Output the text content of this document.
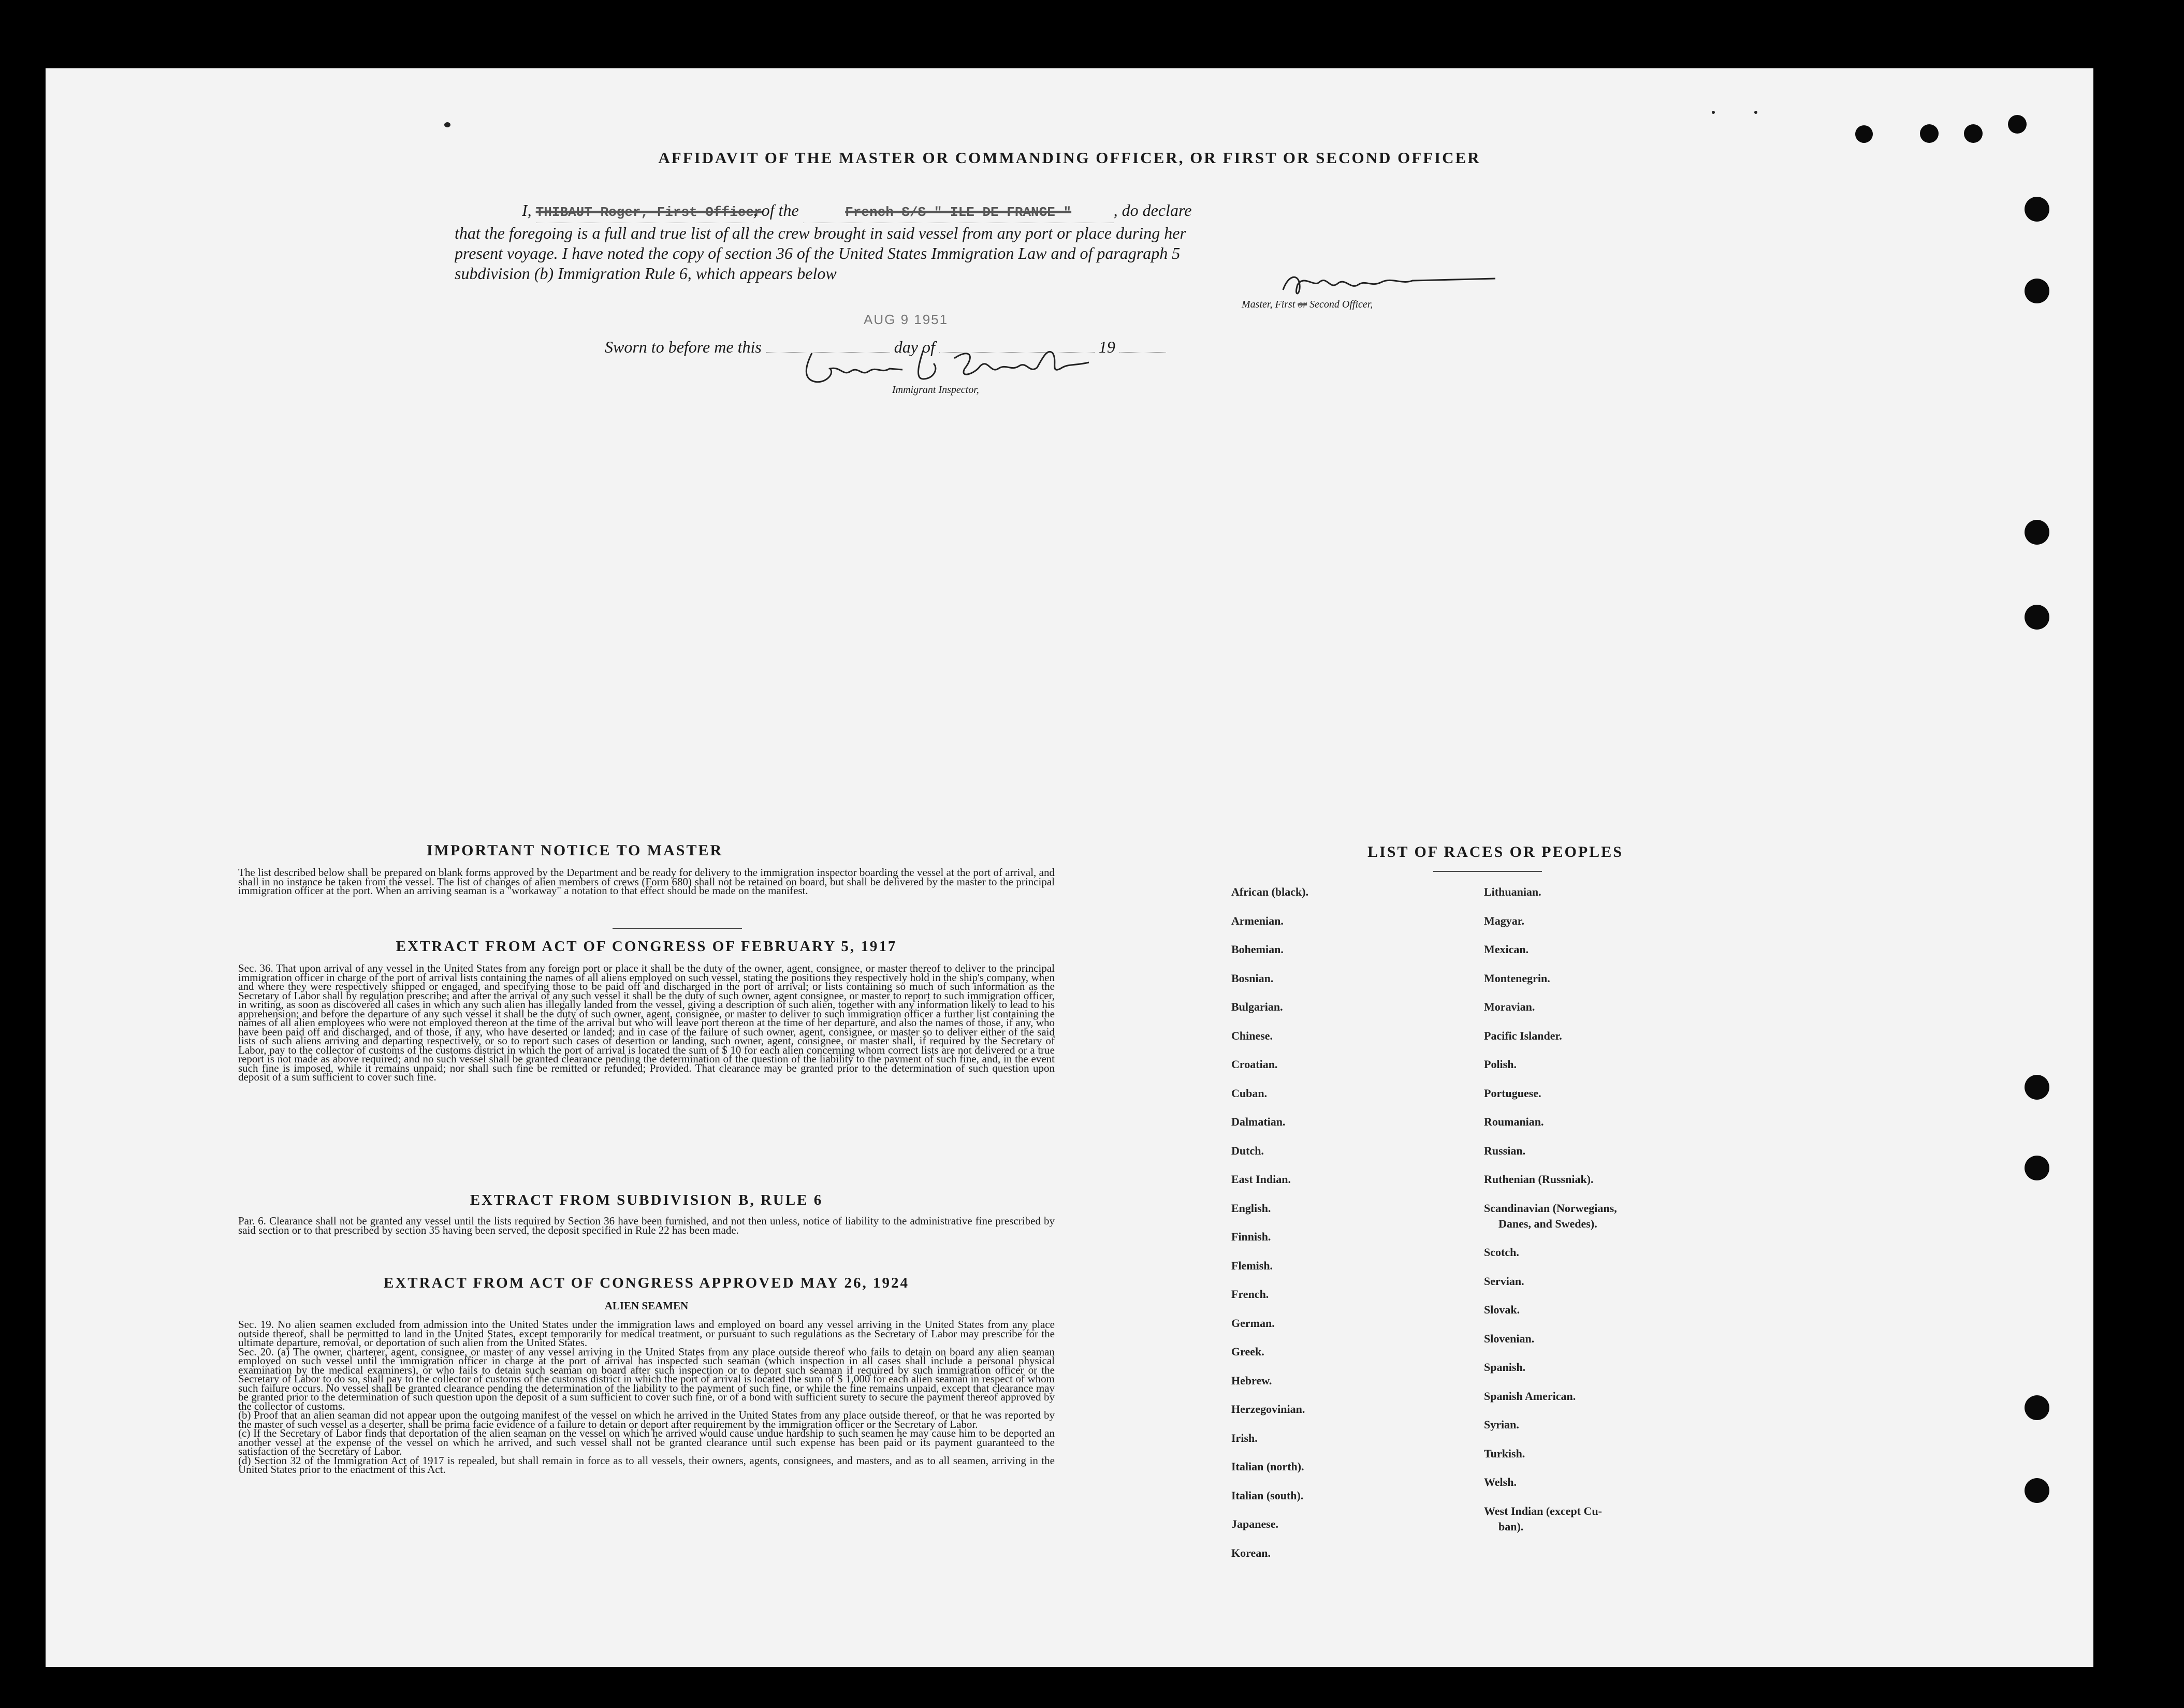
AFFIDAVIT OF THE MASTER OR COMMANDING OFFICER, OR FIRST OR SECOND OFFICER
I, THIBAUT Roger, First Officer, of the	French S/S " ILE DE FRANCE "	, do declare
that the foregoing is a full and true list of all the crew brought in said vessel from any port or place during her
present voyage. I have noted the copy of section 36 of the United States Immigration Law and of paragraph 5
subdivision (b) Immigration Rule 6, which appears below
Master, First or Second Officer,
AUG 9 1951
Sworn to before me this	day of	19
Immigrant Inspector,
IMPORTANT NOTICE TO MASTER
The list described below shall be prepared on blank forms approved by the Department and be ready for delivery to the immigration inspector boarding the vessel at the port of arrival, and shall in no instance be taken from the vessel. The list of changes of alien members of crews (Form 680) shall not be retained on board, but shall be delivered by the master to the principal immigration officer at the port. When an arriving seaman is a "workaway" a notation to that effect should be made on the manifest.
EXTRACT FROM ACT OF CONGRESS OF FEBRUARY 5, 1917
Sec. 36. That upon arrival of any vessel in the United States from any foreign port or place it shall be the duty of the owner, agent, consignee, or master thereof to deliver to the principal immigration officer in charge of the port of arrival lists containing the names of all aliens employed on such vessel, stating the positions they respectively hold in the ship's company, when and where they were respectively shipped or engaged, and specifying those to be paid off and discharged in the port of arrival; or lists containing so much of such information as the Secretary of Labor shall by regulation prescribe; and after the arrival of any such vessel it shall be the duty of such owner, agent consignee, or master to report to such immigration officer, in writing, as soon as discovered all cases in which any such alien has illegally landed from the vessel, giving a description of such alien, together with any information likely to lead to his apprehension; and before the departure of any such vessel it shall be the duty of such owner, agent, consignee, or master to deliver to such immigration officer a further list containing the names of all alien employees who were not employed thereon at the time of the arrival but who will leave port thereon at the time of her departure, and also the names of those, if any, who have been paid off and discharged, and of those, if any, who have deserted or landed; and in case of the failure of such owner, agent, consignee, or master so to deliver either of the said lists of such aliens arriving and departing respectively, or so to report such cases of desertion or landing, such owner, agent, consignee, or master shall, if required by the Secretary of Labor, pay to the collector of customs of the customs district in which the port of arrival is located the sum of $ 10 for each alien concerning whom correct lists are not delivered or a true report is not made as above required; and no such vessel shall be granted clearance pending the determination of the question of the liability to the payment of such fine, and, in the event such fine is imposed, while it remains unpaid; nor shall such fine be remitted or refunded; Provided. That clearance may be granted prior to the determination of such question upon deposit of a sum sufficient to cover such fine.
EXTRACT FROM SUBDIVISION B, RULE 6
Par. 6. Clearance shall not be granted any vessel until the lists required by Section 36 have been furnished, and not then unless, notice of liability to the administrative fine prescribed by said section or to that prescribed by section 35 having been served, the deposit specified in Rule 22 has been made.
EXTRACT FROM ACT OF CONGRESS APPROVED MAY 26, 1924
ALIEN SEAMEN
Sec. 19. No alien seamen excluded from admission into the United States under the immigration laws and employed on board any vessel arriving in the United States from any place outside thereof, shall be permitted to land in the United States, except temporarily for medical treatment, or pursuant to such regulations as the Secretary of Labor may prescribe for the ultimate departure, removal, or deportation of such alien from the United States.
Sec. 20. (a) The owner, charterer, agent, consignee, or master of any vessel arriving in the United States from any place outside thereof who fails to detain on board any alien seaman employed on such vessel until the immigration officer in charge at the port of arrival has inspected such seaman (which inspection in all cases shall include a personal physical examination by the medical examiners), or who fails to detain such seaman on board after such inspection or to deport such seaman if required by such immigration officer or the Secretary of Labor to do so, shall pay to the collector of customs of the customs district in which the port of arrival is located the sum of $ 1,000 for each alien seaman in respect of whom such failure occurs. No vessel shall be granted clearance pending the determination of the liability to the payment of such fine, or while the fine remains unpaid, except that clearance may be granted prior to the determination of such question upon the deposit of a sum sufficient to cover such fine, or of a bond with sufficient surety to secure the payment thereof approved by the collector of customs.
(b) Proof that an alien seaman did not appear upon the outgoing manifest of the vessel on which he arrived in the United States from any place outside thereof, or that he was reported by the master of such vessel as a deserter, shall be prima facie evidence of a failure to detain or deport after requirement by the immigration officer or the Secretary of Labor.
(c) If the Secretary of Labor finds that deportation of the alien seaman on the vessel on which he arrived would cause undue hardship to such seamen he may cause him to be deported an another vessel at the expense of the vessel on which he arrived, and such vessel shall not be granted clearance until such expense has been paid or its payment guaranteed to the satisfaction of the Secretary of Labor.
(d) Section 32 of the Immigration Act of 1917 is repealed, but shall remain in force as to all vessels, their owners, agents, consignees, and masters, and as to all seamen, arriving in the United States prior to the enactment of this Act.
LIST OF RACES OR PEOPLES
African (black).
Armenian.
Bohemian.
Bosnian.
Bulgarian.
Chinese.
Croatian.
Cuban.
Dalmatian.
Dutch.
East Indian.
English.
Finnish.
Flemish.
French.
German.
Greek.
Hebrew.
Herzegovinian.
Irish.
Italian (north).
Italian (south).
Japanese.
Korean.
Lithuanian.
Magyar.
Mexican.
Montenegrin.
Moravian.
Pacific Islander.
Polish.
Portuguese.
Roumanian.
Russian.
Ruthenian (Russniak).
Scandinavian (Norwegians,
Danes, and Swedes).
Scotch.
Servian.
Slovak.
Slovenian.
Spanish.
Spanish American.
Syrian.
Turkish.
Welsh.
West Indian (except Cu-
ban).
